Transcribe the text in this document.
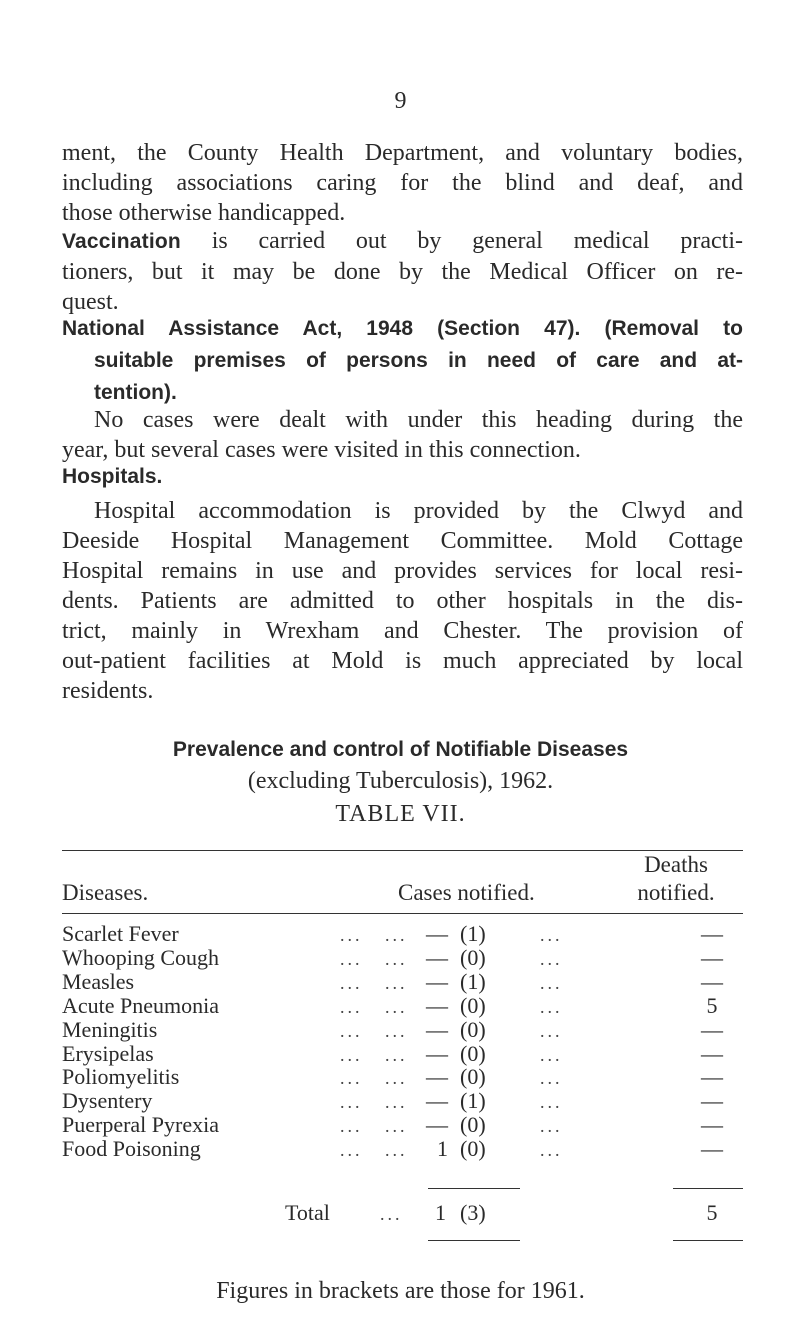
9
ment, the County Health Department, and voluntary bodies,
including associations caring for the blind and deaf, and
those otherwise handicapped.
Vaccination is carried out by general medical practi-
tioners, but it may be done by the Medical Officer on re-
quest.
National Assistance Act, 1948 (Section 47). (Removal to
suitable premises of persons in need of care and at-
tention).
No cases were dealt with under this heading during the
year, but several cases were visited in this connection.
Hospitals.
Hospital accommodation is provided by the Clwyd and
Deeside Hospital Management Committee. Mold Cottage
Hospital remains in use and provides services for local resi-
dents. Patients are admitted to other hospitals in the dis-
trict, mainly in Wrexham and Chester. The provision of
out-patient facilities at Mold is much appreciated by local
residents.
Prevalence and control of Notifiable Diseases
(excluding Tuberculosis), 1962.
TABLE VII.
Diseases.	Cases notified.
Deaths
notified.
Scarlet Fever	... ... — (1)	...	—
Whooping Cough	... ... — (0)	...	—
Measles	... ... — (1)	...	—
Acute Pneumonia	... ... — (0)	...	5
Meningitis	... ... — (0)	...	—
Erysipelas	... ... — (0)	...	—
Poliomyelitis	... ... — (0)	...	—
Dysentery	... ... — (1)	...	—
Puerperal Pyrexia	... ... — (0)	...	—
Food Poisoning	... ...	1 (0)	...	—
Total	... 1 (3)	5
Figures in brackets are those for 1961.
